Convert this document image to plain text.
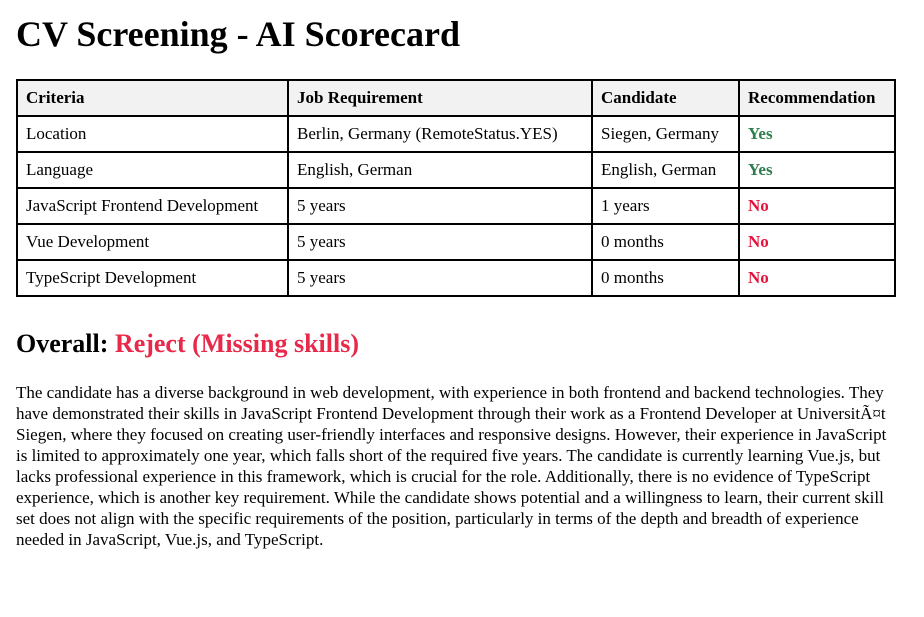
CV Screening - AI Scorecard
Criteria	Job Requirement	Candidate	Recommendation
Location	Berlin, Germany (RemoteStatus.YES)	Siegen, Germany	Yes
Language	English, German	English, German	Yes
JavaScript Frontend Development	5 years	1 years	No
Vue Development	5 years	0 months	No
TypeScript Development	5 years	0 months	No
Overall: Reject (Missing skills)

The candidate has a diverse background in web development, with experience in both frontend and backend technologies. They have demonstrated their skills in JavaScript Frontend Development through their work as a Frontend Developer at UniversitÃ¤t Siegen, where they focused on creating user-friendly interfaces and responsive designs. However, their experience in JavaScript is limited to approximately one year, which falls short of the required five years. The candidate is currently learning Vue.js, but lacks professional experience in this framework, which is crucial for the role. Additionally, there is no evidence of TypeScript experience, which is another key requirement. While the candidate shows potential and a willingness to learn, their current skill set does not align with the specific requirements of the position, particularly in terms of the depth and breadth of experience needed in JavaScript, Vue.js, and TypeScript.
